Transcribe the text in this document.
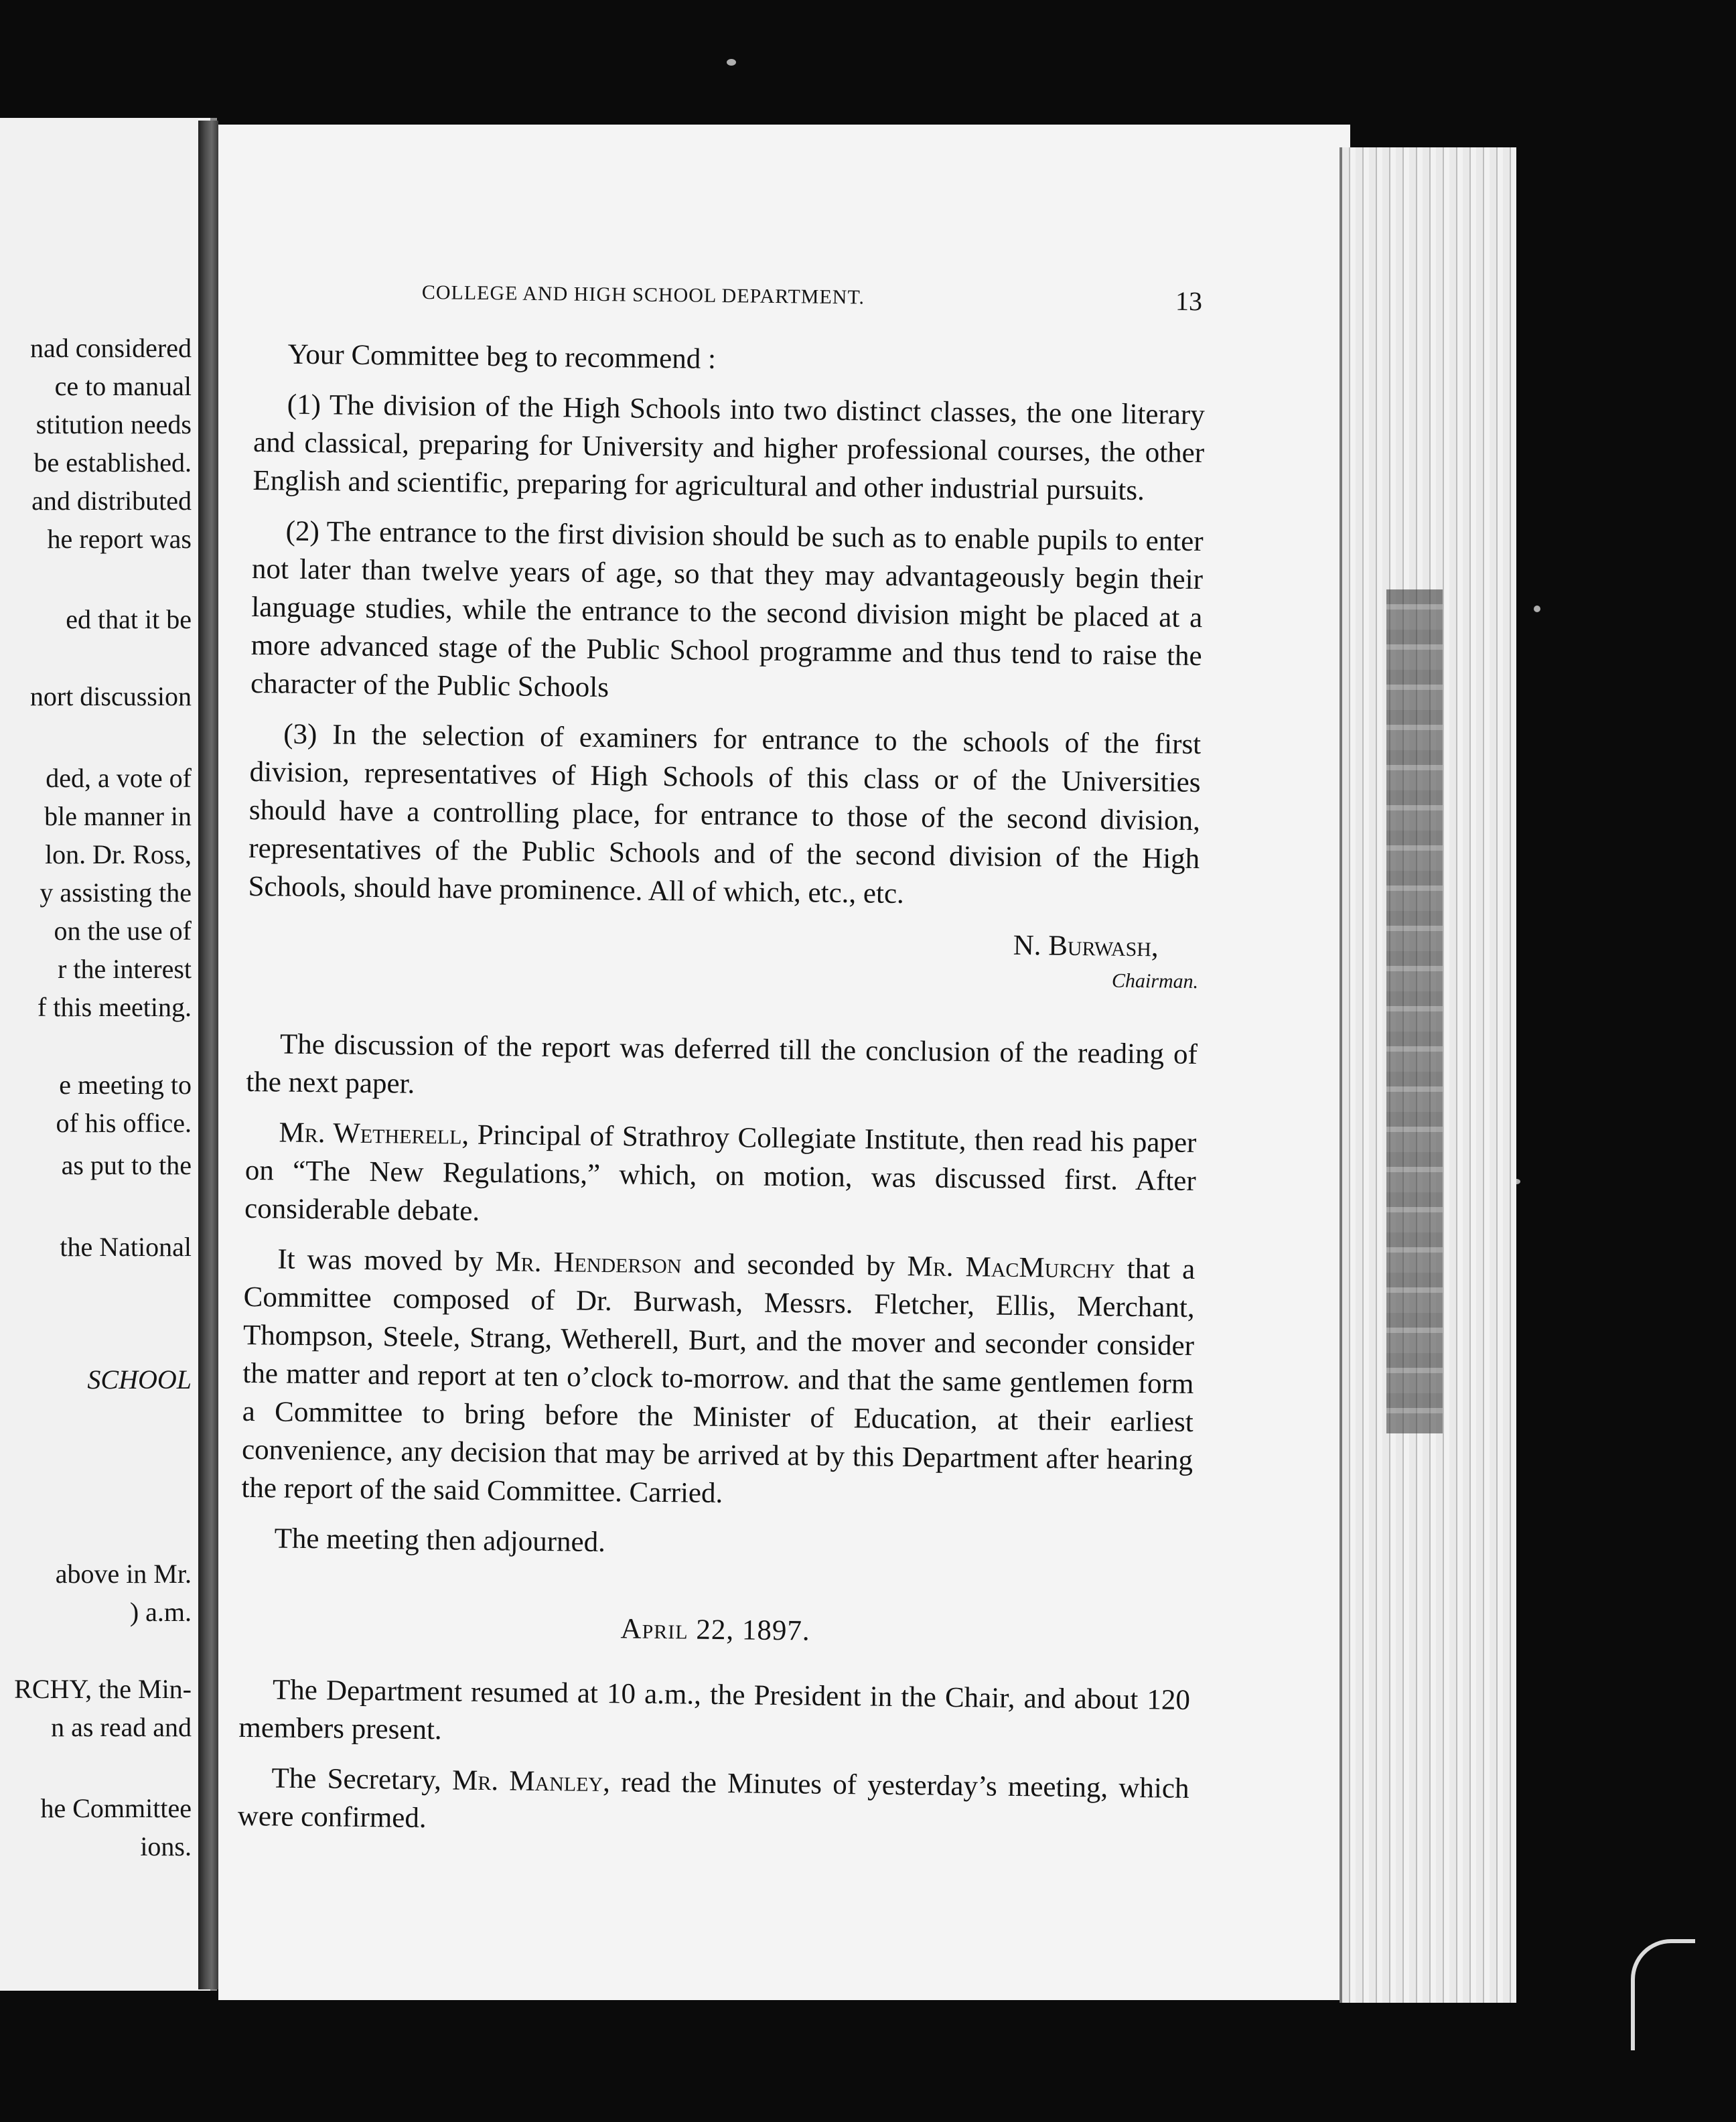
nad considered
ce to manual
stitution needs
be established.
and distributed
he report was
ed that it be
nort discussion
ded, a vote of
ble manner in
lon. Dr. Ross,
y assisting the
on the use of
r the interest
f this meeting.
e meeting to
of his office.
as put to the
the National
SCHOOL
above in Mr.
) a.m.
RCHY, the Min-
n as read and
he Committee
ions.
COLLEGE AND HIGH SCHOOL DEPARTMENT.	13

Your Committee beg to recommend :

(1) The division of the High Schools into two distinct classes, the one literary and classical, preparing for University and higher professional courses, the other English and scientific, preparing for agricultural and other industrial pursuits.

(2) The entrance to the first division should be such as to enable pupils to enter not later than twelve years of age, so that they may advantageously begin their language studies, while the entrance to the second division might be placed at a more advanced stage of the Public School programme and thus tend to raise the character of the Public Schools

(3) In the selection of examiners for entrance to the schools of the first division, representatives of High Schools of this class or of the Universities should have a controlling place, for entrance to those of the second division, representatives of the Public Schools and of the second division of the High Schools, should have prominence. All of which, etc., etc.

N. Burwash,
Chairman.

The discussion of the report was deferred till the conclusion of the reading of the next paper.

Mr. Wetherell, Principal of Strathroy Collegiate Institute, then read his paper on “The New Regulations,” which, on motion, was discussed first. After considerable debate.

It was moved by Mr. Henderson and seconded by Mr. MacMurchy that a Committee composed of Dr. Burwash, Messrs. Fletcher, Ellis, Merchant, Thompson, Steele, Strang, Wetherell, Burt, and the mover and seconder consider the matter and report at ten o’clock to-morrow. and that the same gentlemen form a Committee to bring before the Minister of Education, at their earliest convenience, any decision that may be arrived at by this Department after hearing the report of the said Committee. Carried.

The meeting then adjourned.

April 22, 1897.

The Department resumed at 10 a.m., the President in the Chair, and about 120 members present.

The Secretary, Mr. Manley, read the Minutes of yesterday’s meeting, which were confirmed.
